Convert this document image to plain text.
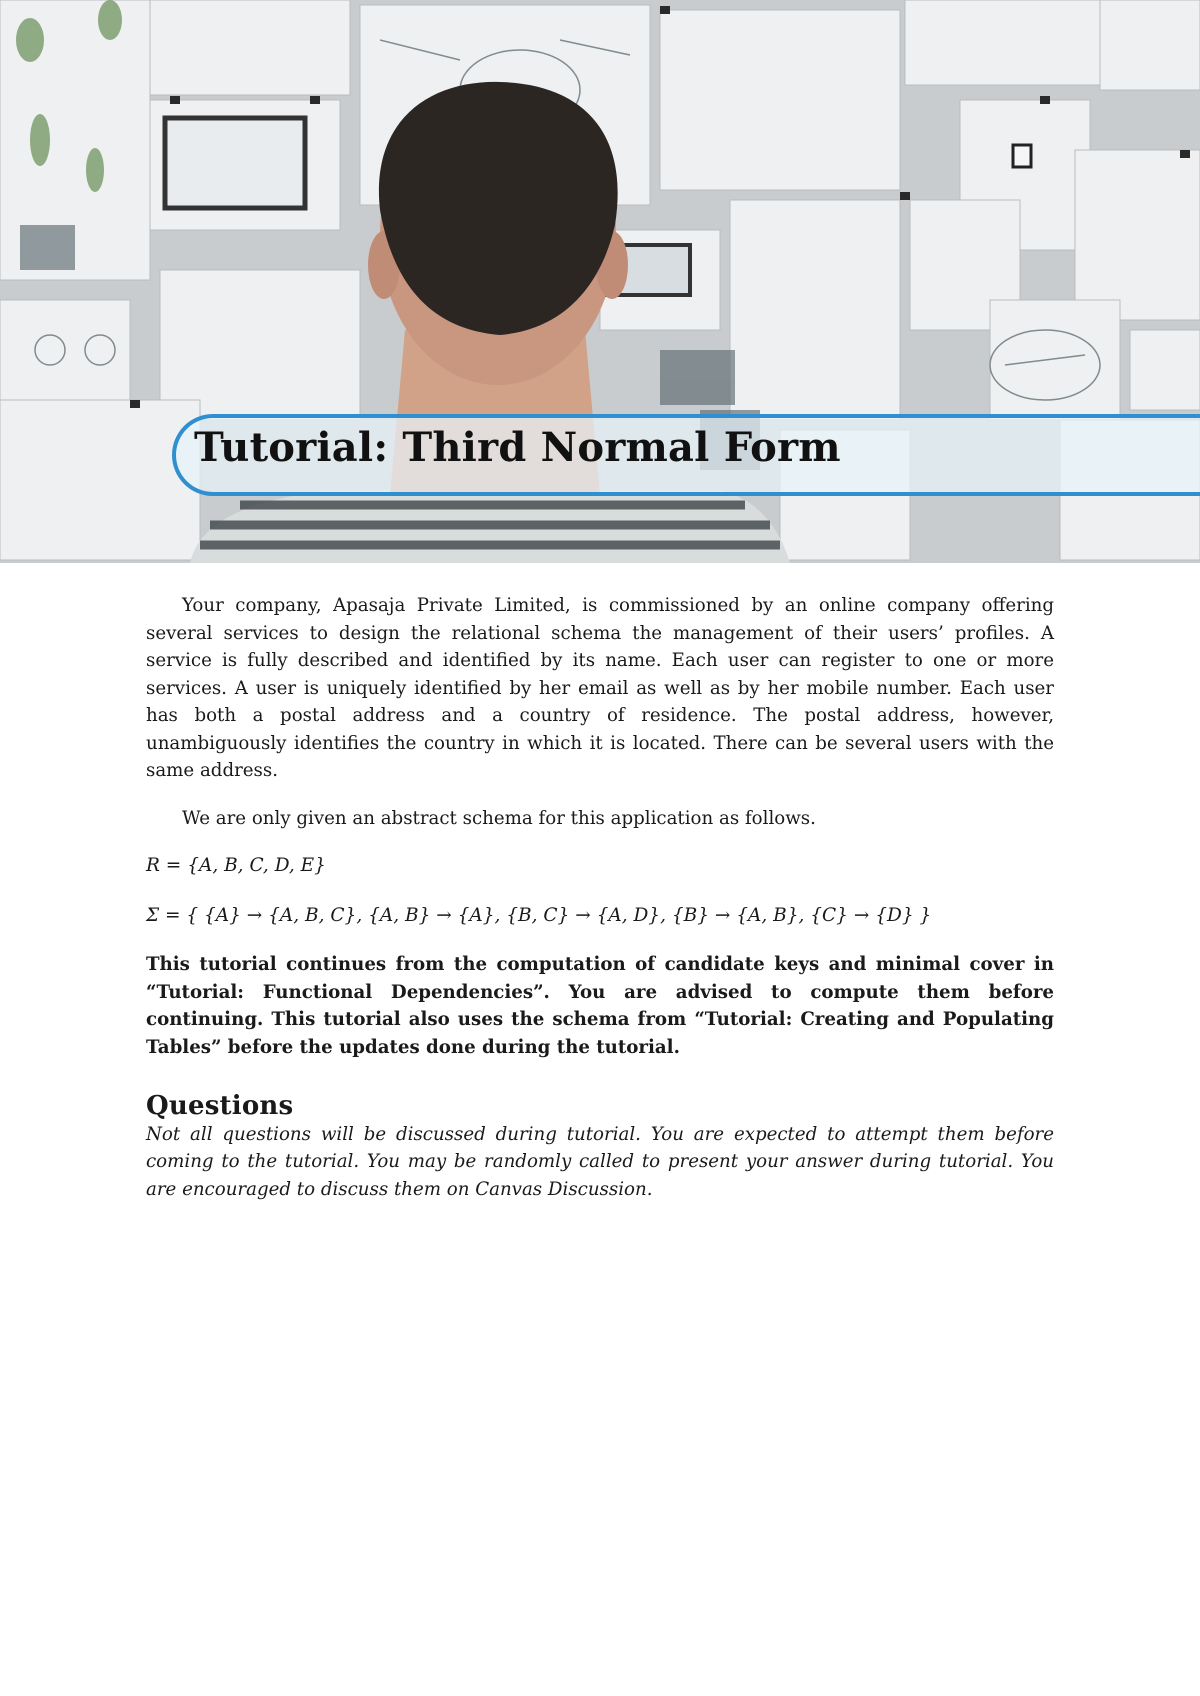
Tutorial: Third Normal Form

Your company, Apasaja Private Limited, is commissioned by an online company offering several services to design the relational schema the management of their users’ profiles. A service is fully described and identified by its name. Each user can register to one or more services. A user is uniquely identified by her email as well as by her mobile number. Each user has both a postal address and a country of residence. The postal address, however, unambiguously identifies the country in which it is located. There can be several users with the same address.

We are only given an abstract schema for this application as follows.

R = {A, B, C, D, E}
Σ = { {A} → {A, B, C}, {A, B} → {A}, {B, C} → {A, D}, {B} → {A, B}, {C} → {D} }

This tutorial continues from the computation of candidate keys and minimal cover in “Tutorial: Functional Dependencies”. You are advised to compute them before continuing. This tutorial also uses the schema from “Tutorial: Creating and Populating Tables” before the updates done during the tutorial.

Questions

Not all questions will be discussed during tutorial. You are expected to attempt them before coming to the tutorial. You may be randomly called to present your answer during tutorial. You are encouraged to discuss them on Canvas Discussion.
